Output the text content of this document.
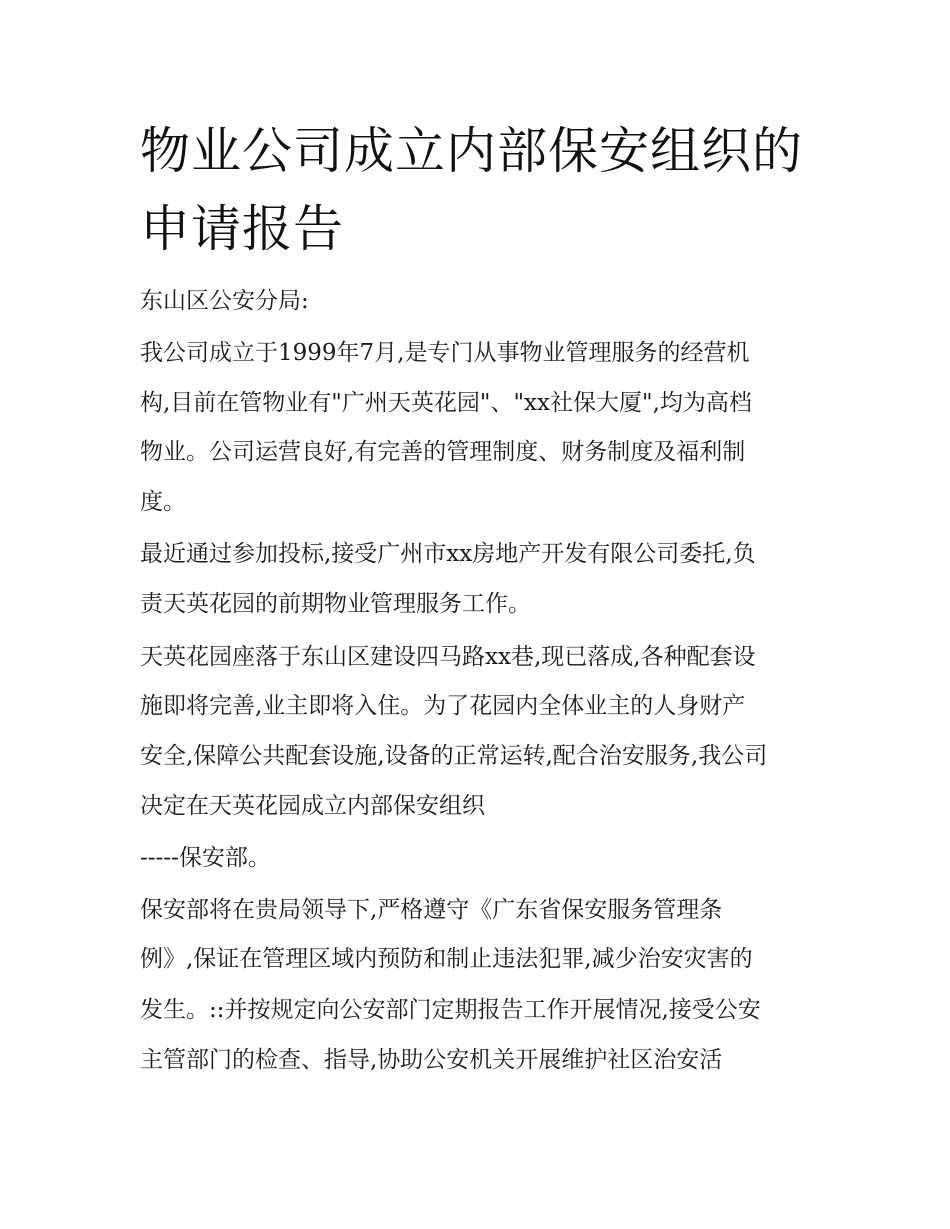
物业公司成立内部保安组织的
申请报告

东山区公安分局:

我公司成立于1999年7月,是专门从事物业管理服务的经营机

构,目前在管物业有"广州天英花园"、"xx社保大厦",均为高档

物业。公司运营良好,有完善的管理制度、财务制度及福利制

度。

最近通过参加投标,接受广州市xx房地产开发有限公司委托,负

责天英花园的前期物业管理服务工作。

天英花园座落于东山区建设四马路xx巷,现已落成,各种配套设

施即将完善,业主即将入住。为了花园内全体业主的人身财产

安全,保障公共配套设施,设备的正常运转,配合治安服务,我公司

决定在天英花园成立内部保安组织

-----保安部。

保安部将在贵局领导下,严格遵守《广东省保安服务管理条

例》,保证在管理区域内预防和制止违法犯罪,减少治安灾害的

发生。::并按规定向公安部门定期报告工作开展情况,接受公安

主管部门的检查、指导,协助公安机关开展维护社区治安活
